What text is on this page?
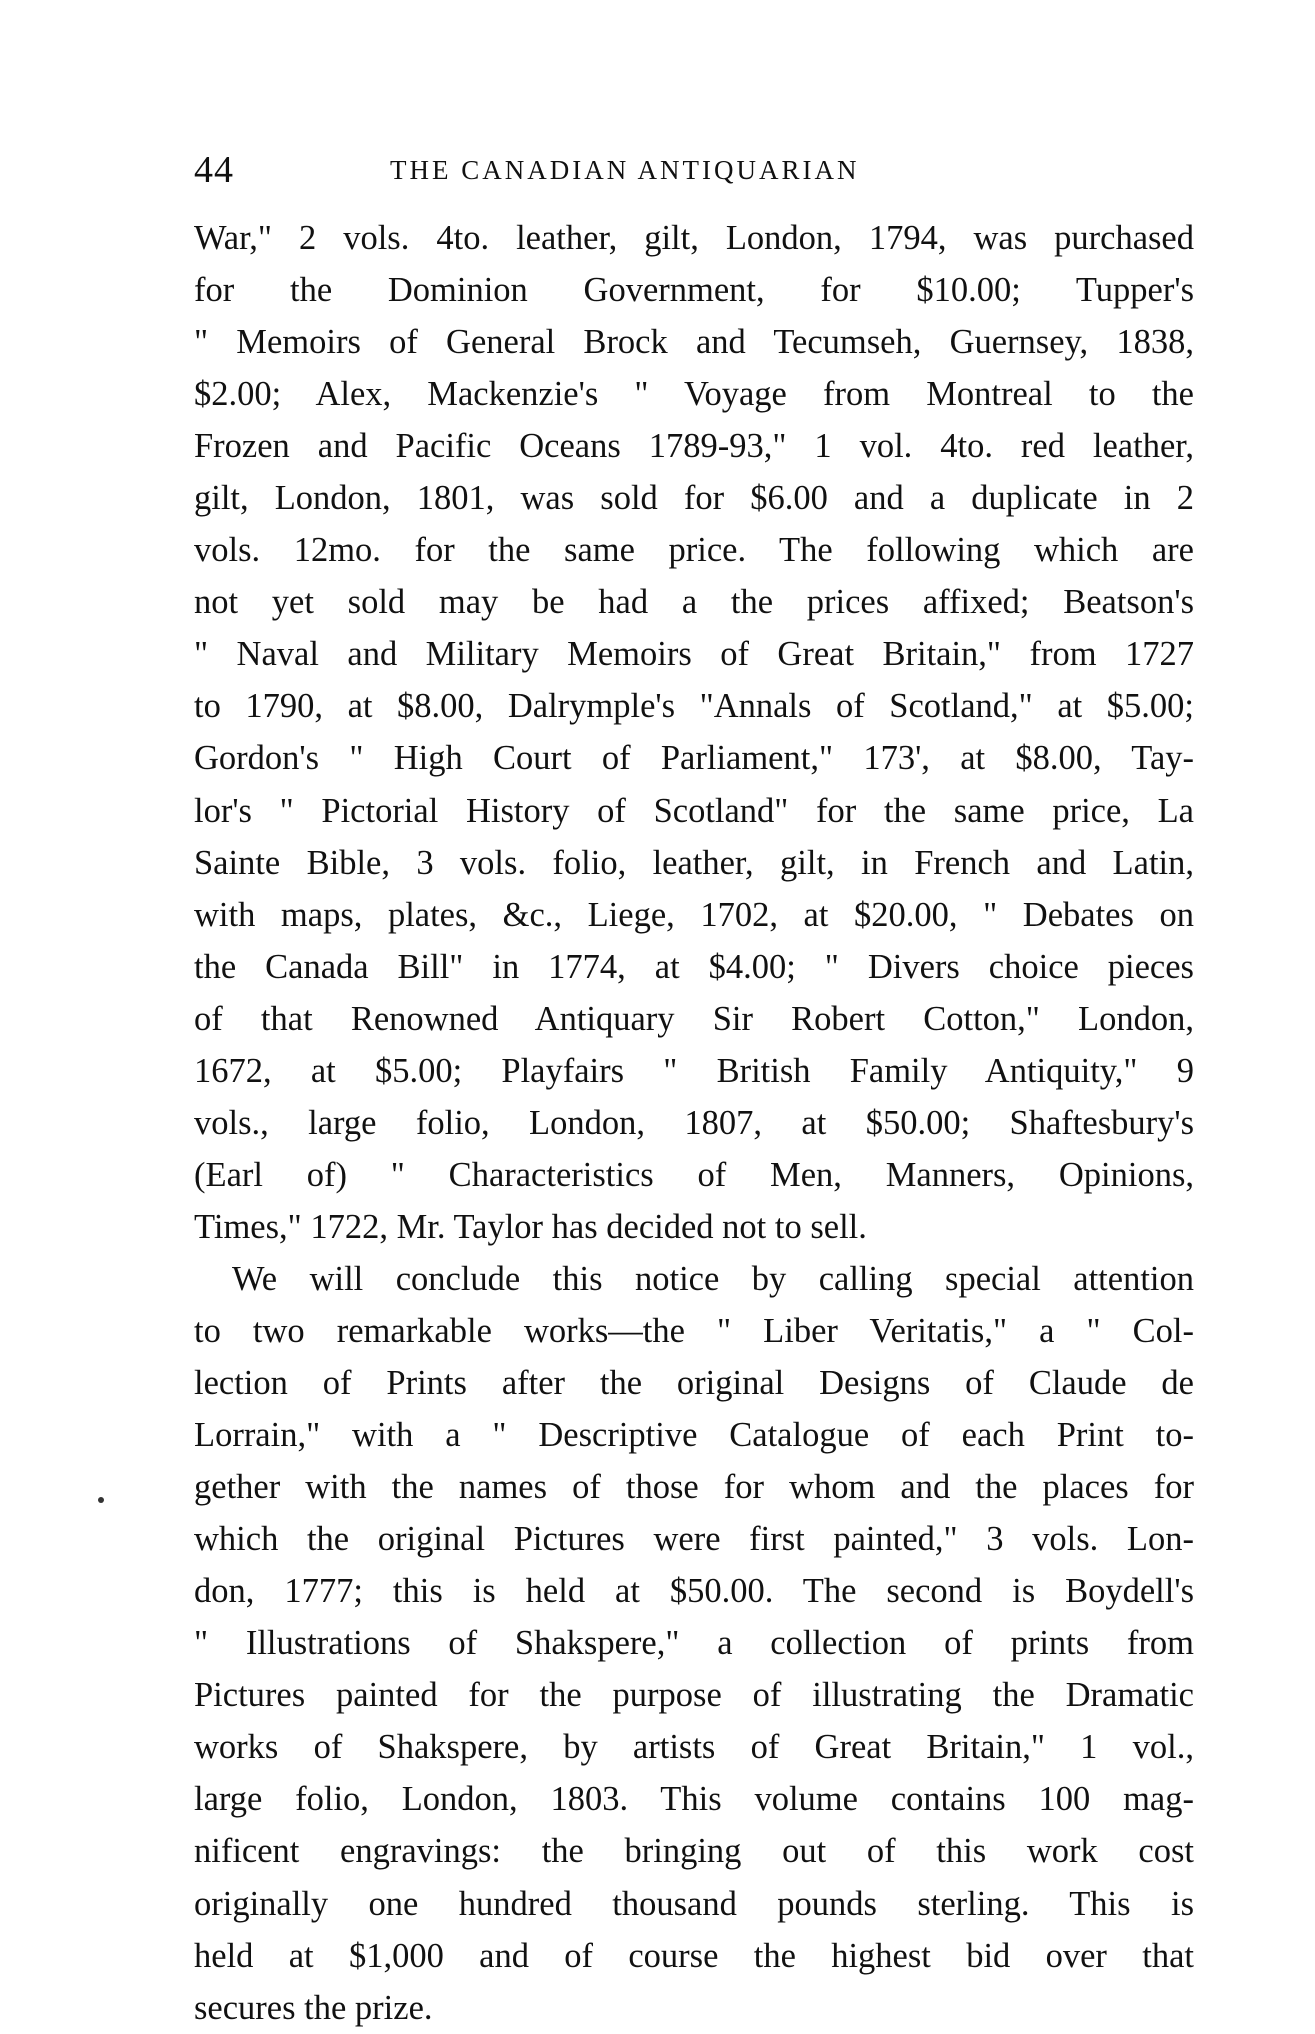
44	THE CANADIAN ANTIQUARIAN
War," 2 vols. 4to. leather, gilt, London, 1794, was purchased
for the Dominion Government, for $10.00; Tupper's
" Memoirs of General Brock and Tecumseh, Guernsey, 1838,
$2.00; Alex, Mackenzie's " Voyage from Montreal to the
Frozen and Pacific Oceans 1789-93," 1 vol. 4to. red leather,
gilt, London, 1801, was sold for $6.00 and a duplicate in 2
vols. 12mo. for the same price. The following which are
not yet sold may be had a the prices affixed; Beatson's
" Naval and Military Memoirs of Great Britain," from 1727
to 1790, at $8.00, Dalrymple's "Annals of Scotland," at $5.00;
Gordon's " High Court of Parliament," 173', at $8.00, Tay-
lor's " Pictorial History of Scotland" for the same price, La
Sainte Bible, 3 vols. folio, leather, gilt, in French and Latin,
with maps, plates, &c., Liege, 1702, at $20.00, " Debates on
the Canada Bill" in 1774, at $4.00; " Divers choice pieces
of that Renowned Antiquary Sir Robert Cotton," London,
1672, at $5.00; Playfairs " British Family Antiquity," 9
vols., large folio, London, 1807, at $50.00; Shaftesbury's
(Earl of) " Characteristics of Men, Manners, Opinions,
Times," 1722, Mr. Taylor has decided not to sell.
We will conclude this notice by calling special attention
to two remarkable works—the " Liber Veritatis," a " Col-
lection of Prints after the original Designs of Claude de
Lorrain," with a " Descriptive Catalogue of each Print to-
gether with the names of those for whom and the places for
which the original Pictures were first painted," 3 vols. Lon-
don, 1777; this is held at $50.00. The second is Boydell's
" Illustrations of Shakspere," a collection of prints from
Pictures painted for the purpose of illustrating the Dramatic
works of Shakspere, by artists of Great Britain," 1 vol.,
large folio, London, 1803. This volume contains 100 mag-
nificent engravings: the bringing out of this work cost
originally one hundred thousand pounds sterling. This is
held at $1,000 and of course the highest bid over that
secures the prize.
